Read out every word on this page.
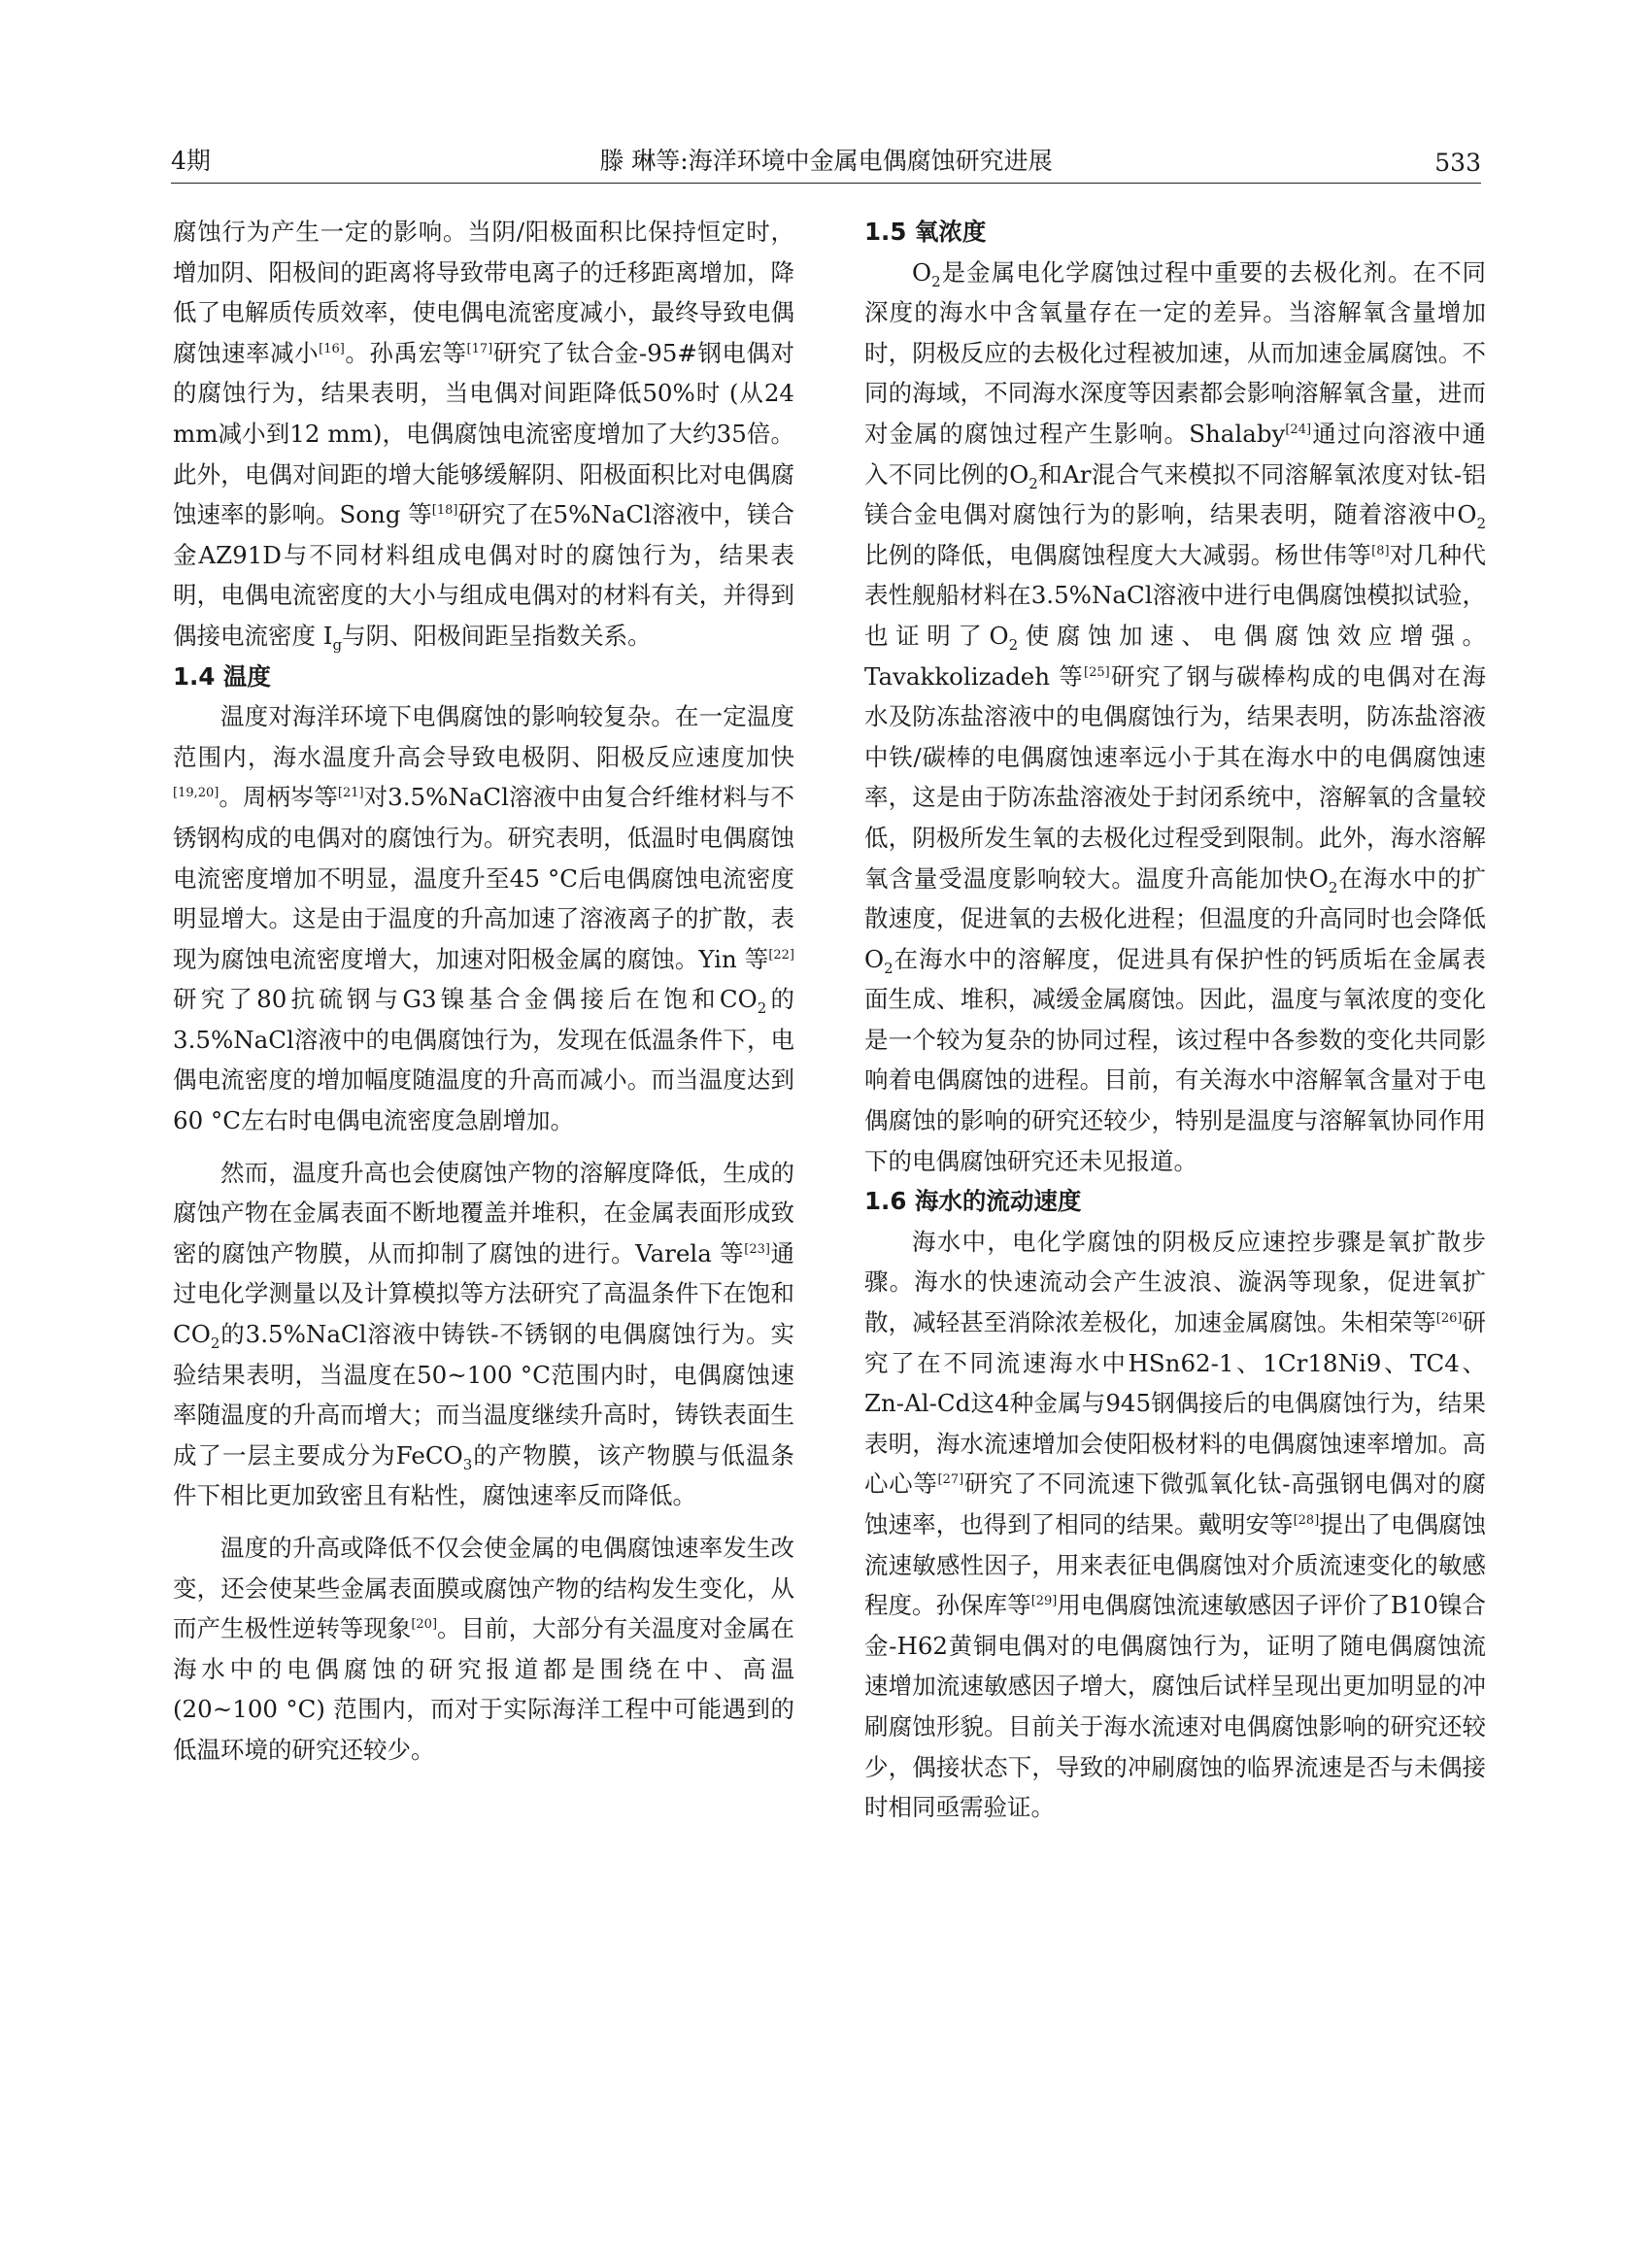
4期	滕 琳等:海洋环境中金属电偶腐蚀研究进展	533

腐蚀行为产生一定的影响。当阴/阳极面积比保持恒定时，增加阴、阳极间的距离将导致带电离子的迁移距离增加，降低了电解质传质效率，使电偶电流密度减小，最终导致电偶腐蚀速率减小[16]。孙禹宏等[17]研究了钛合金-95#钢电偶对的腐蚀行为，结果表明，当电偶对间距降低50%时 (从24 mm减小到12 mm)，电偶腐蚀电流密度增加了大约35倍。此外，电偶对间距的增大能够缓解阴、阳极面积比对电偶腐蚀速率的影响。Song 等[18]研究了在5%NaCl溶液中，镁合金AZ91D与不同材料组成电偶对时的腐蚀行为，结果表明，电偶电流密度的大小与组成电偶对的材料有关，并得到偶接电流密度 $I_g$与阴、阳极间距呈指数关系。

1.4 温度

温度对海洋环境下电偶腐蚀的影响较复杂。在一定温度范围内，海水温度升高会导致电极阴、阳极反应速度加快[19,20]。周柄岑等[21]对3.5%NaCl溶液中由复合纤维材料与不锈钢构成的电偶对的腐蚀行为。研究表明，低温时电偶腐蚀电流密度增加不明显，温度升至45 °C后电偶腐蚀电流密度明显增大。这是由于温度的升高加速了溶液离子的扩散，表现为腐蚀电流密度增大，加速对阳极金属的腐蚀。Yin 等[22]研究了80抗硫钢与G3镍基合金偶接后在饱和$CO_2$的3.5%NaCl溶液中的电偶腐蚀行为，发现在低温条件下，电偶电流密度的增加幅度随温度的升高而减小。而当温度达到60 °C左右时电偶电流密度急剧增加。

然而，温度升高也会使腐蚀产物的溶解度降低，生成的腐蚀产物在金属表面不断地覆盖并堆积，在金属表面形成致密的腐蚀产物膜，从而抑制了腐蚀的进行。Varela 等[23]通过电化学测量以及计算模拟等方法研究了高温条件下在饱和$CO_2$的3.5%NaCl溶液中铸铁-不锈钢的电偶腐蚀行为。实验结果表明，当温度在50~100 °C范围内时，电偶腐蚀速率随温度的升高而增大；而当温度继续升高时，铸铁表面生成了一层主要成分为FeCO$_3$的产物膜，该产物膜与低温条件下相比更加致密且有粘性，腐蚀速率反而降低。

温度的升高或降低不仅会使金属的电偶腐蚀速率发生改变，还会使某些金属表面膜或腐蚀产物的结构发生变化，从而产生极性逆转等现象[20]。目前，大部分有关温度对金属在海水中的电偶腐蚀的研究报道都是围绕在中、高温 (20~100 °C) 范围内，而对于实际海洋工程中可能遇到的低温环境的研究还较少。

1.5 氧浓度

$O_2$是金属电化学腐蚀过程中重要的去极化剂。在不同深度的海水中含氧量存在一定的差异。当溶解氧含量增加时，阴极反应的去极化过程被加速，从而加速金属腐蚀。不同的海域，不同海水深度等因素都会影响溶解氧含量，进而对金属的腐蚀过程产生影响。Shalaby[24]通过向溶液中通入不同比例的$O_2$和Ar混合气来模拟不同溶解氧浓度对钛-铝镁合金电偶对腐蚀行为的影响，结果表明，随着溶液中$O_2$比例的降低，电偶腐蚀程度大大减弱。杨世伟等[8]对几种代表性舰船材料在3.5%NaCl溶液中进行电偶腐蚀模拟试验，也证明了$O_2$使腐蚀加速、电偶腐蚀效应增强。Tavakkolizadeh 等[25]研究了钢与碳棒构成的电偶对在海水及防冻盐溶液中的电偶腐蚀行为，结果表明，防冻盐溶液中铁/碳棒的电偶腐蚀速率远小于其在海水中的电偶腐蚀速率，这是由于防冻盐溶液处于封闭系统中，溶解氧的含量较低，阴极所发生氧的去极化过程受到限制。此外，海水溶解氧含量受温度影响较大。温度升高能加快$O_2$在海水中的扩散速度，促进氧的去极化进程；但温度的升高同时也会降低$O_2$在海水中的溶解度，促进具有保护性的钙质垢在金属表面生成、堆积，减缓金属腐蚀。因此，温度与氧浓度的变化是一个较为复杂的协同过程，该过程中各参数的变化共同影响着电偶腐蚀的进程。目前，有关海水中溶解氧含量对于电偶腐蚀的影响的研究还较少，特别是温度与溶解氧协同作用下的电偶腐蚀研究还未见报道。

1.6 海水的流动速度

海水中，电化学腐蚀的阴极反应速控步骤是氧扩散步骤。海水的快速流动会产生波浪、漩涡等现象，促进氧扩散，减轻甚至消除浓差极化，加速金属腐蚀。朱相荣等[26]研究了在不同流速海水中HSn62-1、1Cr18Ni9、TC4、Zn-Al-Cd这4种金属与945钢偶接后的电偶腐蚀行为，结果表明，海水流速增加会使阳极材料的电偶腐蚀速率增加。高心心等[27]研究了不同流速下微弧氧化钛-高强钢电偶对的腐蚀速率，也得到了相同的结果。戴明安等[28]提出了电偶腐蚀流速敏感性因子，用来表征电偶腐蚀对介质流速变化的敏感程度。孙保库等[29]用电偶腐蚀流速敏感因子评价了B10镍合金-H62黄铜电偶对的电偶腐蚀行为，证明了随电偶腐蚀流速增加流速敏感因子增大，腐蚀后试样呈现出更加明显的冲刷腐蚀形貌。目前关于海水流速对电偶腐蚀影响的研究还较少，偶接状态下，导致的冲刷腐蚀的临界流速是否与未偶接时相同亟需验证。
